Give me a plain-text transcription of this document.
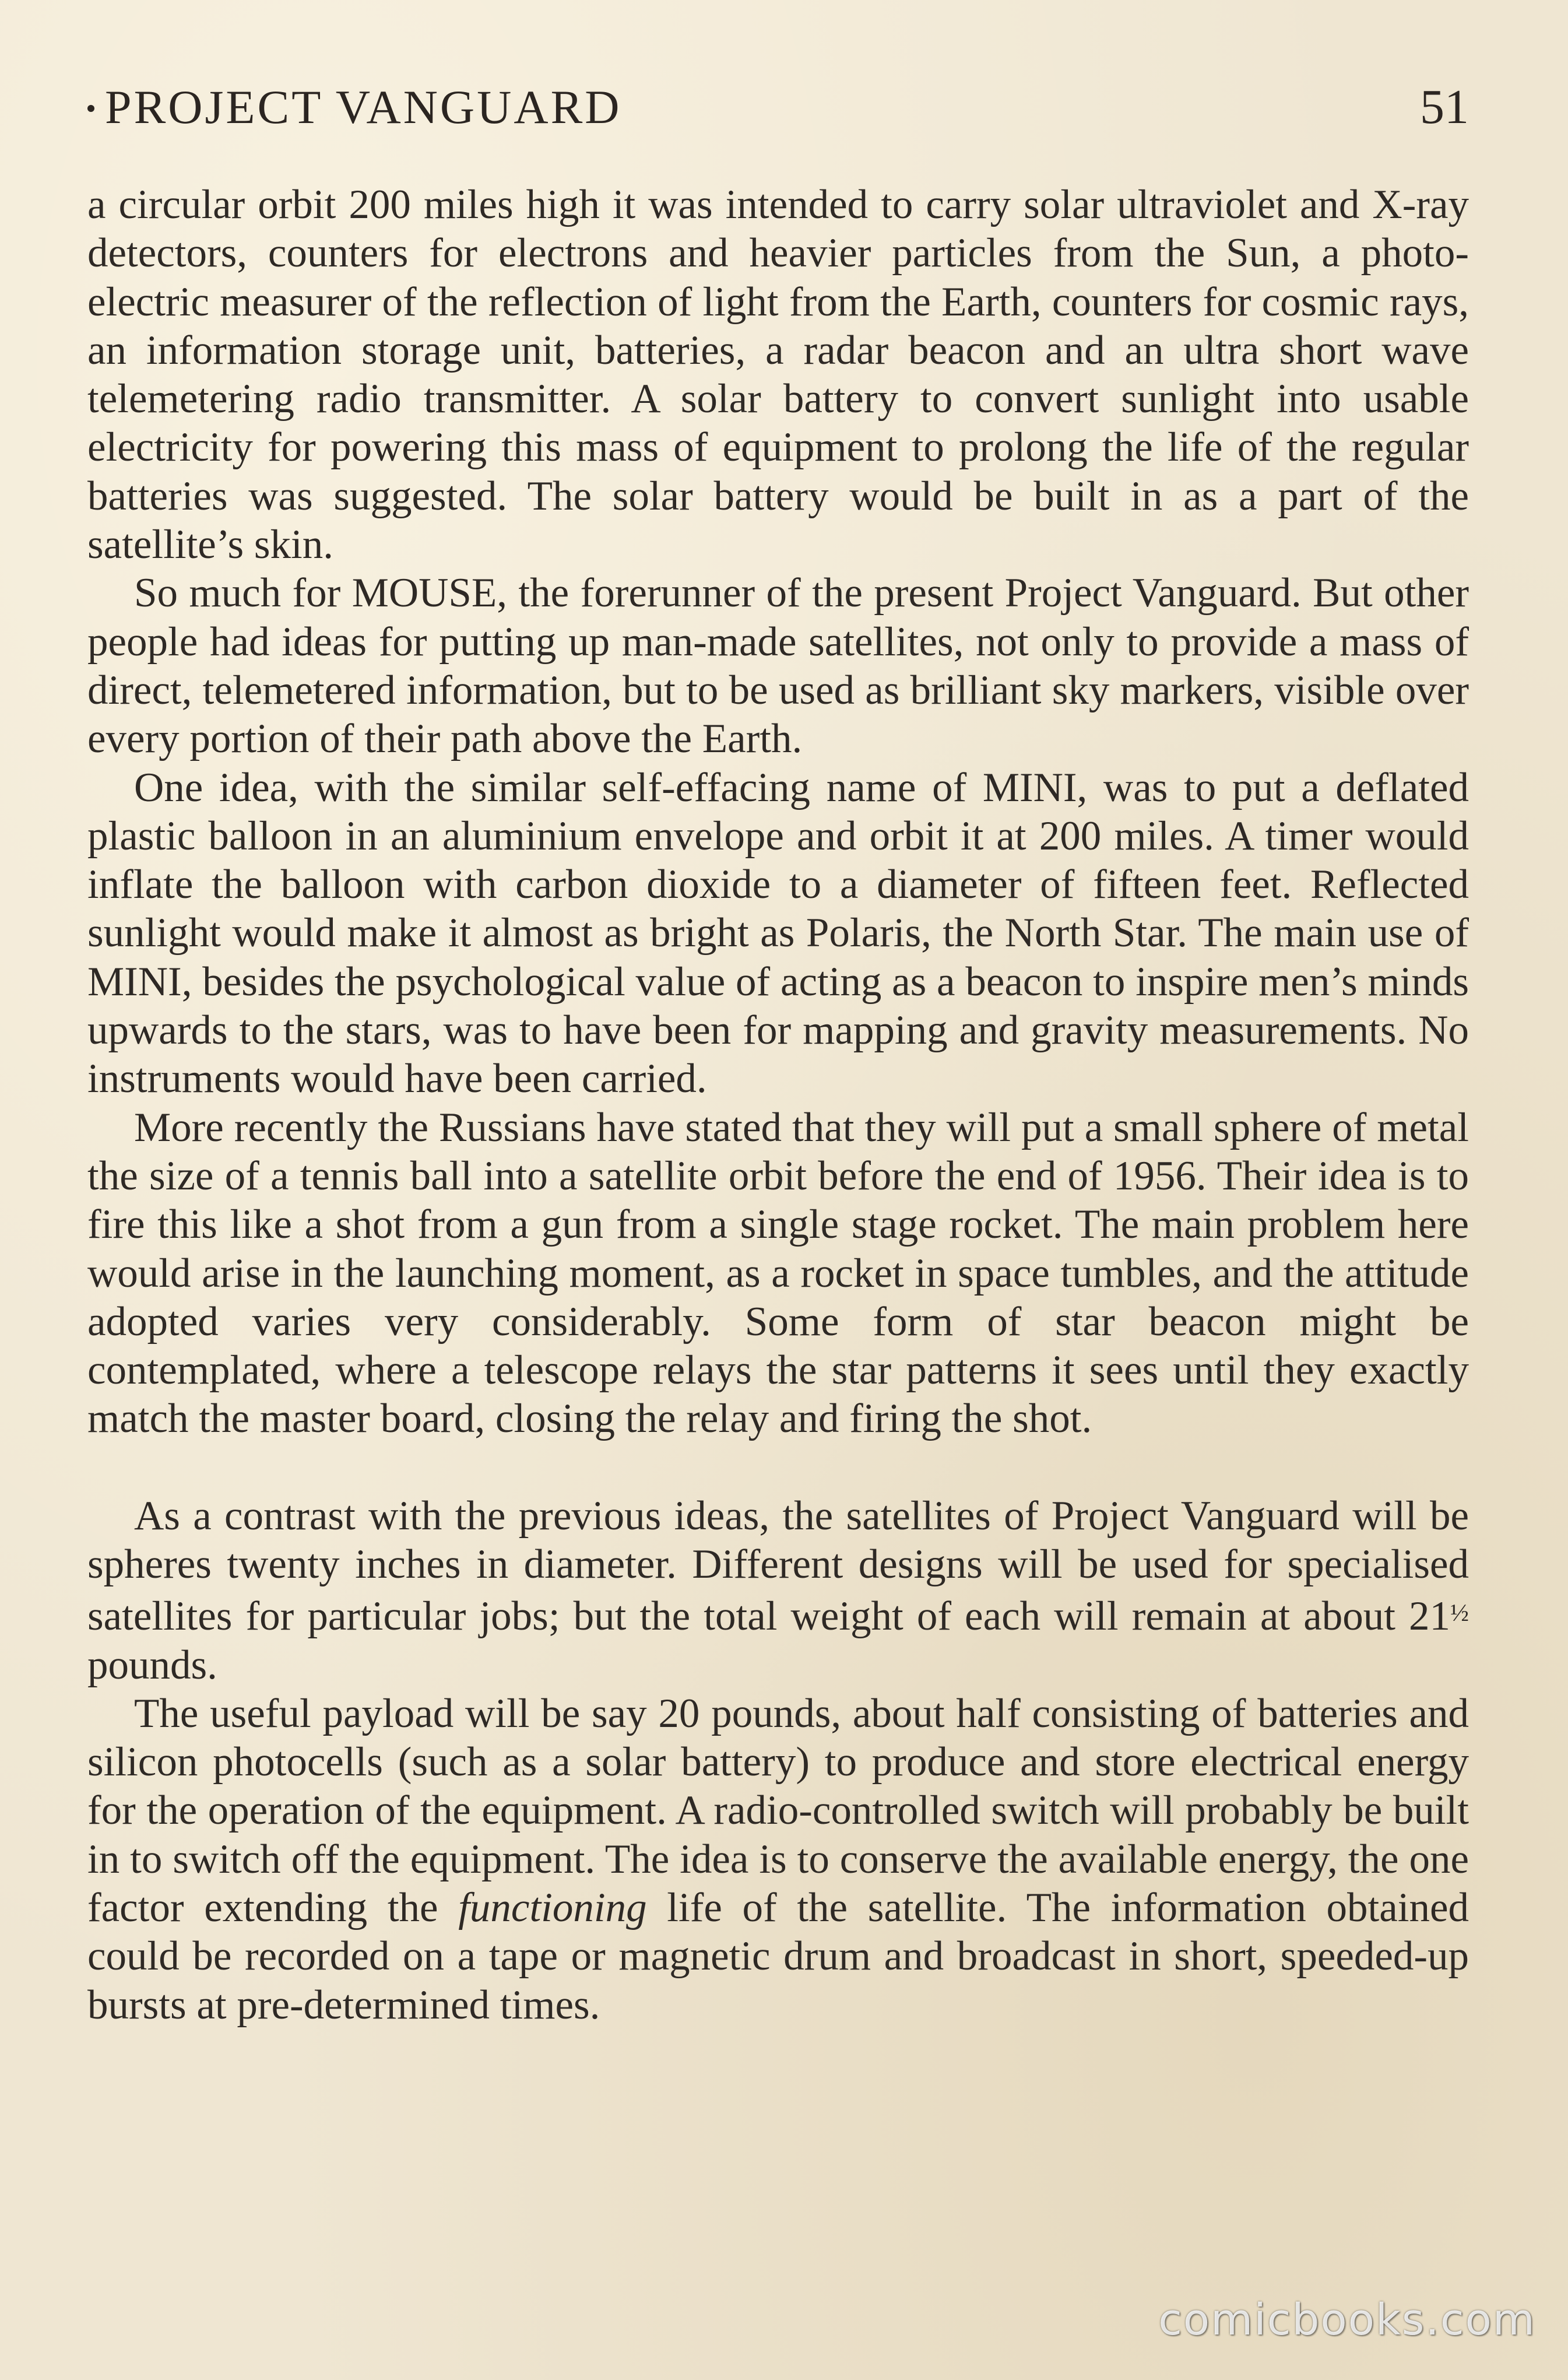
PROJECT VANGUARD	51

a circular orbit 200 miles high it was intended to carry solar ultraviolet and X-ray detectors, counters for electrons and heavier particles from the Sun, a photo-electric measurer of the reflection of light from the Earth, counters for cosmic rays, an information storage unit, batteries, a radar beacon and an ultra short wave telemetering radio transmitter. A solar battery to convert sunlight into usable electricity for powering this mass of equipment to prolong the life of the regular batteries was suggested. The solar battery would be built in as a part of the satellite’s skin.

So much for MOUSE, the forerunner of the present Project Vanguard. But other people had ideas for putting up man-made satellites, not only to provide a mass of direct, telemetered information, but to be used as brilliant sky markers, visible over every portion of their path above the Earth.

One idea, with the similar self-effacing name of MINI, was to put a deflated plastic balloon in an aluminium envelope and orbit it at 200 miles. A timer would inflate the balloon with carbon dioxide to a diameter of fifteen feet. Reflected sunlight would make it almost as bright as Polaris, the North Star. The main use of MINI, besides the psychological value of acting as a beacon to inspire men’s minds upwards to the stars, was to have been for mapping and gravity measurements. No instruments would have been carried.

More recently the Russians have stated that they will put a small sphere of metal the size of a tennis ball into a satellite orbit before the end of 1956. Their idea is to fire this like a shot from a gun from a single stage rocket. The main problem here would arise in the launching moment, as a rocket in space tumbles, and the attitude adopted varies very considerably. Some form of star beacon might be contemplated, where a telescope relays the star patterns it sees until they exactly match the master board, closing the relay and firing the shot.

As a contrast with the previous ideas, the satellites of Project Vanguard will be spheres twenty inches in diameter. Different designs will be used for specialised satellites for particular jobs; but the total weight of each will remain at about $21^{\frac{1}{2}}$ pounds.

The useful payload will be say 20 pounds, about half consisting of batteries and silicon photocells (such as a solar battery) to produce and store electrical energy for the operation of the equipment. A radio-controlled switch will probably be built in to switch off the equipment. The idea is to conserve the available energy, the one factor extending the functioning life of the satellite. The information obtained could be recorded on a tape or magnetic drum and broadcast in short, speeded-up bursts at pre-determined times.

comicbooks.com
